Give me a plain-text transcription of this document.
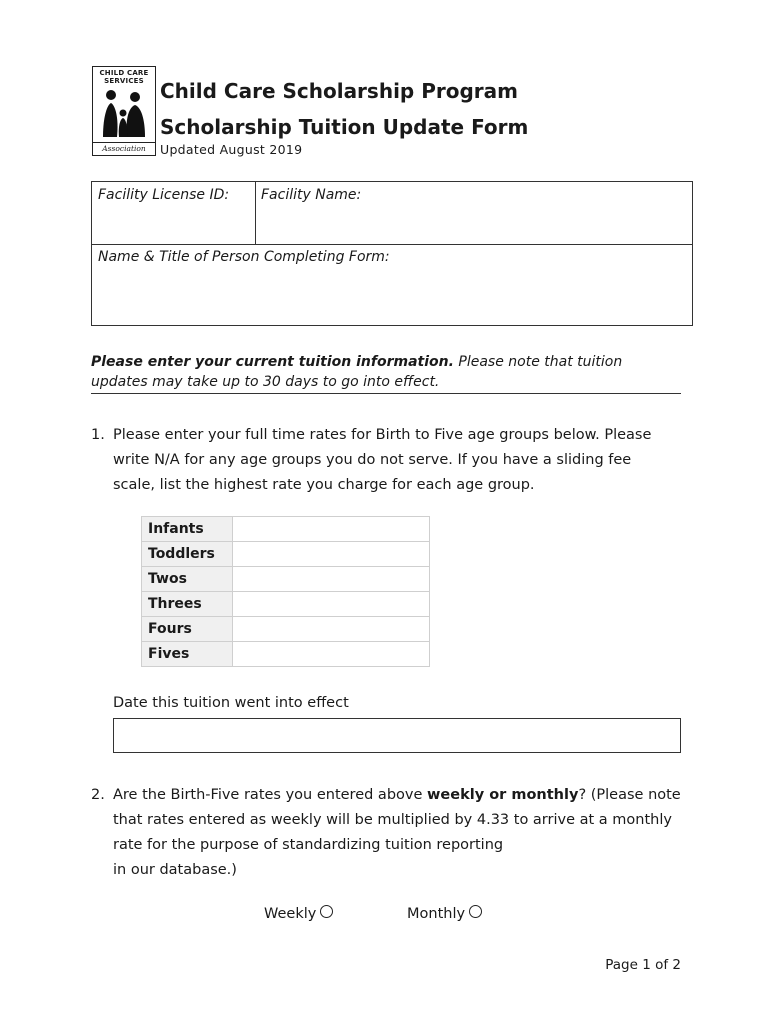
CHILD CARE
SERVICES
Association
Child Care Scholarship Program
Scholarship Tuition Update Form
Updated August 2019
Facility License ID: Facility Name:
Name & Title of Person Completing Form:
Please enter your current tuition information. Please note that tuition updates may take up to 30 days to go into effect.
1. Please enter your full time rates for Birth to Five age groups below. Please
write N/A for any age groups you do not serve. If you have a sliding fee
scale, list the highest rate you charge for each age group.
Infants	
Toddlers	
Twos	
Threes	
Fours	
Fives	
Date this tuition went into effect
2. Are the Birth-Five rates you entered above weekly or monthly? (Please note
that rates entered as weekly will be multiplied by 4.33 to arrive at a monthly
rate for the purpose of standardizing tuition reporting
in our database.)
Weekly	Monthly
Page 1 of 2
